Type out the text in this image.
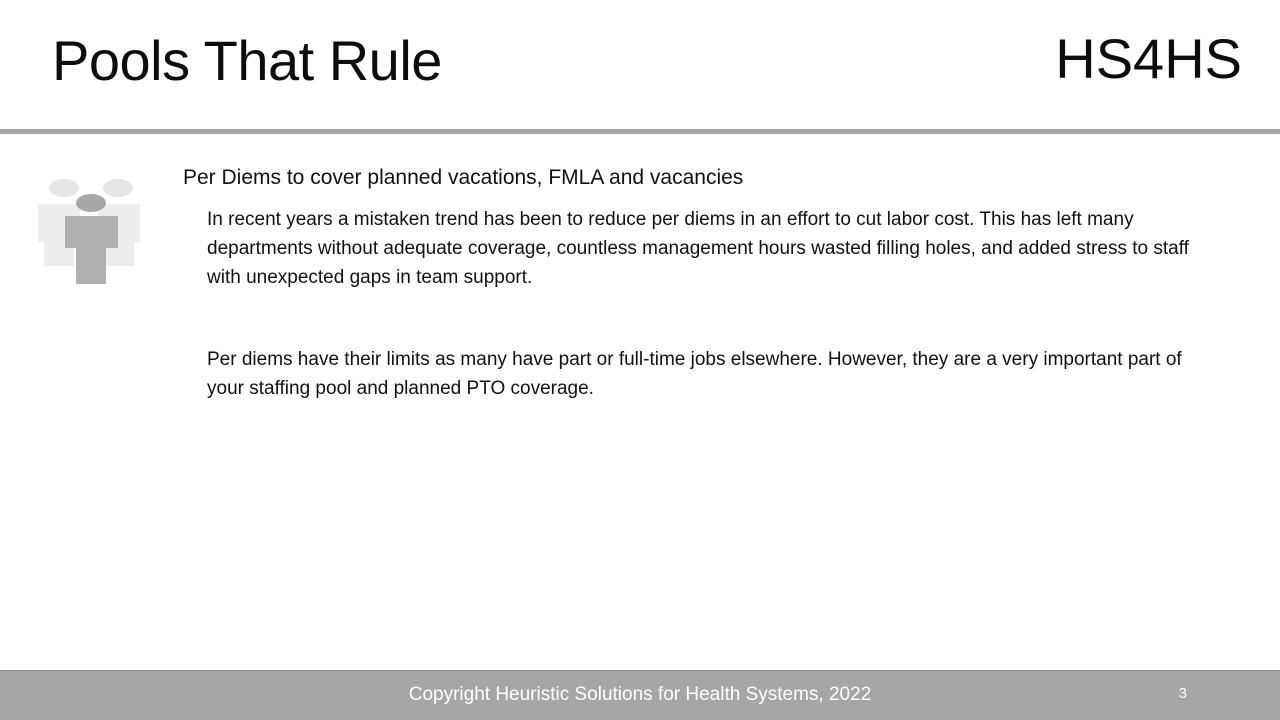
Pools That Rule	HS4HS
Per Diems to cover planned vacations, FMLA and vacancies

In recent years a mistaken trend has been to reduce per diems in an effort to cut labor cost. This has left many departments without adequate coverage, countless management hours wasted filling holes, and added stress to staff with unexpected gaps in team support.

Per diems have their limits as many have part or full-time jobs elsewhere. However, they are a very important part of your staffing pool and planned PTO coverage.

Copyright Heuristic Solutions for Health Systems, 2022	3
